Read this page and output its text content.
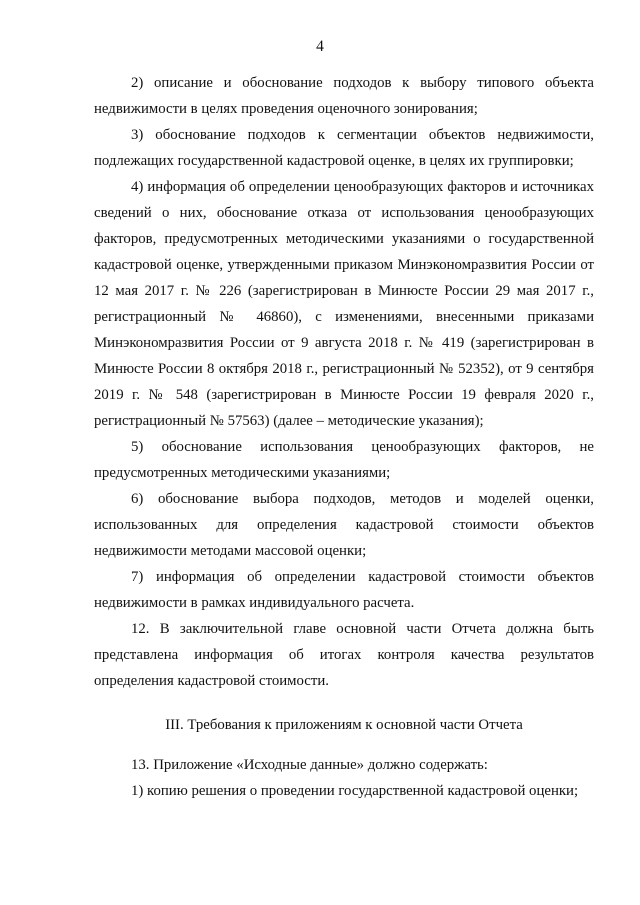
4

2) описание и обоснование подходов к выбору типового объекта недвижимости в целях проведения оценочного зонирования;

3) обоснование подходов к сегментации объектов недвижимости, подлежащих государственной кадастровой оценке, в целях их группировки;

4) информация об определении ценообразующих факторов и источниках сведений о них, обоснование отказа от использования ценообразующих факторов, предусмотренных методическими указаниями о государственной кадастровой оценке, утвержденными приказом Минэкономразвития России от 12 мая 2017 г. № 226 (зарегистрирован в Минюсте России 29 мая 2017 г., регистрационный № 46860), с изменениями, внесенными приказами Минэкономразвития России от 9 августа 2018 г. № 419 (зарегистрирован в Минюсте России 8 октября 2018 г., регистрационный № 52352), от 9 сентября 2019 г. № 548 (зарегистрирован в Минюсте России 19 февраля 2020 г., регистрационный № 57563) (далее – методические указания);

5) обоснование использования ценообразующих факторов, не предусмотренных методическими указаниями;

6) обоснование выбора подходов, методов и моделей оценки, использованных для определения кадастровой стоимости объектов недвижимости методами массовой оценки;

7) информация об определении кадастровой стоимости объектов недвижимости в рамках индивидуального расчета.

12. В заключительной главе основной части Отчета должна быть представлена информация об итогах контроля качества результатов определения кадастровой стоимости.

III. Требования к приложениям к основной части Отчета

13. Приложение «Исходные данные» должно содержать:

1) копию решения о проведении государственной кадастровой оценки;
